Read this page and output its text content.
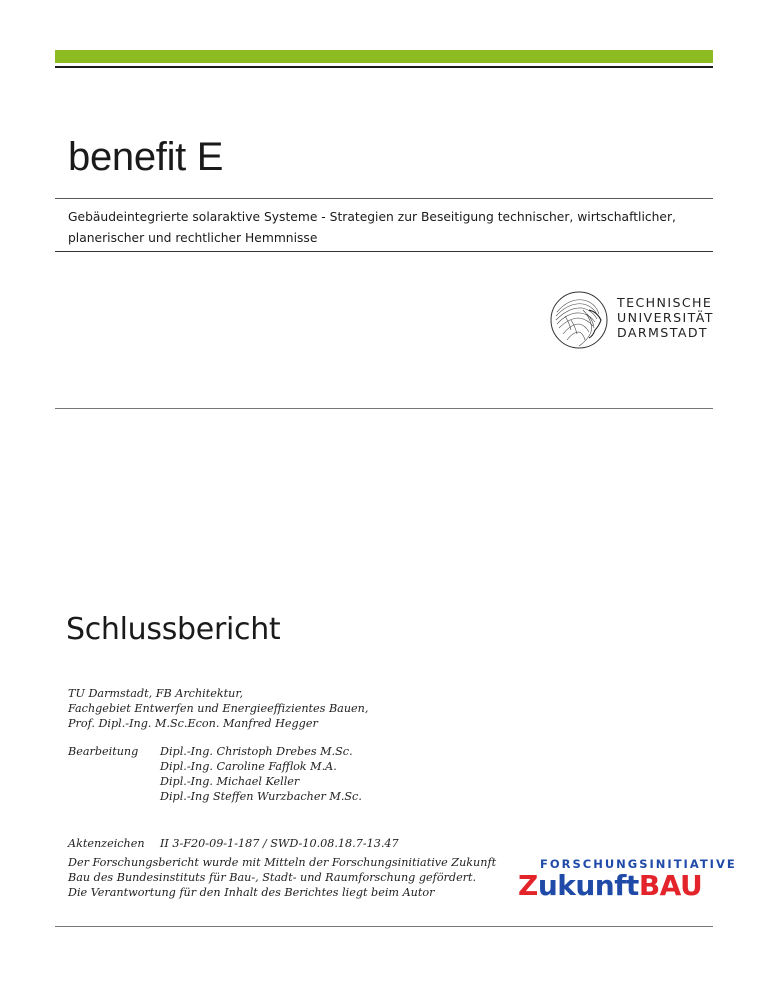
benefit E

Gebäudeintegrierte solaraktive Systeme - Strategien zur Beseitigung technischer, wirtschaftlicher,
planerischer und rechtlicher Hemmnisse

TECHNISCHE
UNIVERSITÄT
DARMSTADT
Schlussbericht
TU Darmstadt, FB Architektur,
Fachgebiet Entwerfen und Energieeffizientes Bauen,
Prof. Dipl.-Ing. M.Sc.Econ. Manfred Hegger
Bearbeitung Dipl.-Ing. Christoph Drebes M.Sc.
Dipl.-Ing. Caroline Fafflok M.A.
Dipl.-Ing. Michael Keller
Dipl.-Ing Steffen Wurzbacher M.Sc.
Aktenzeichen II 3-F20-09-1-187 / SWD-10.08.18.7-13.47
Der Forschungsbericht wurde mit Mitteln der Forschungsinitiative Zukunft
Bau des Bundesinstituts für Bau-, Stadt- und Raumforschung gefördert.
Die Verantwortung für den Inhalt des Berichtes liegt beim Autor
FORSCHUNGSINITIATIVE
ZukunftBAU
